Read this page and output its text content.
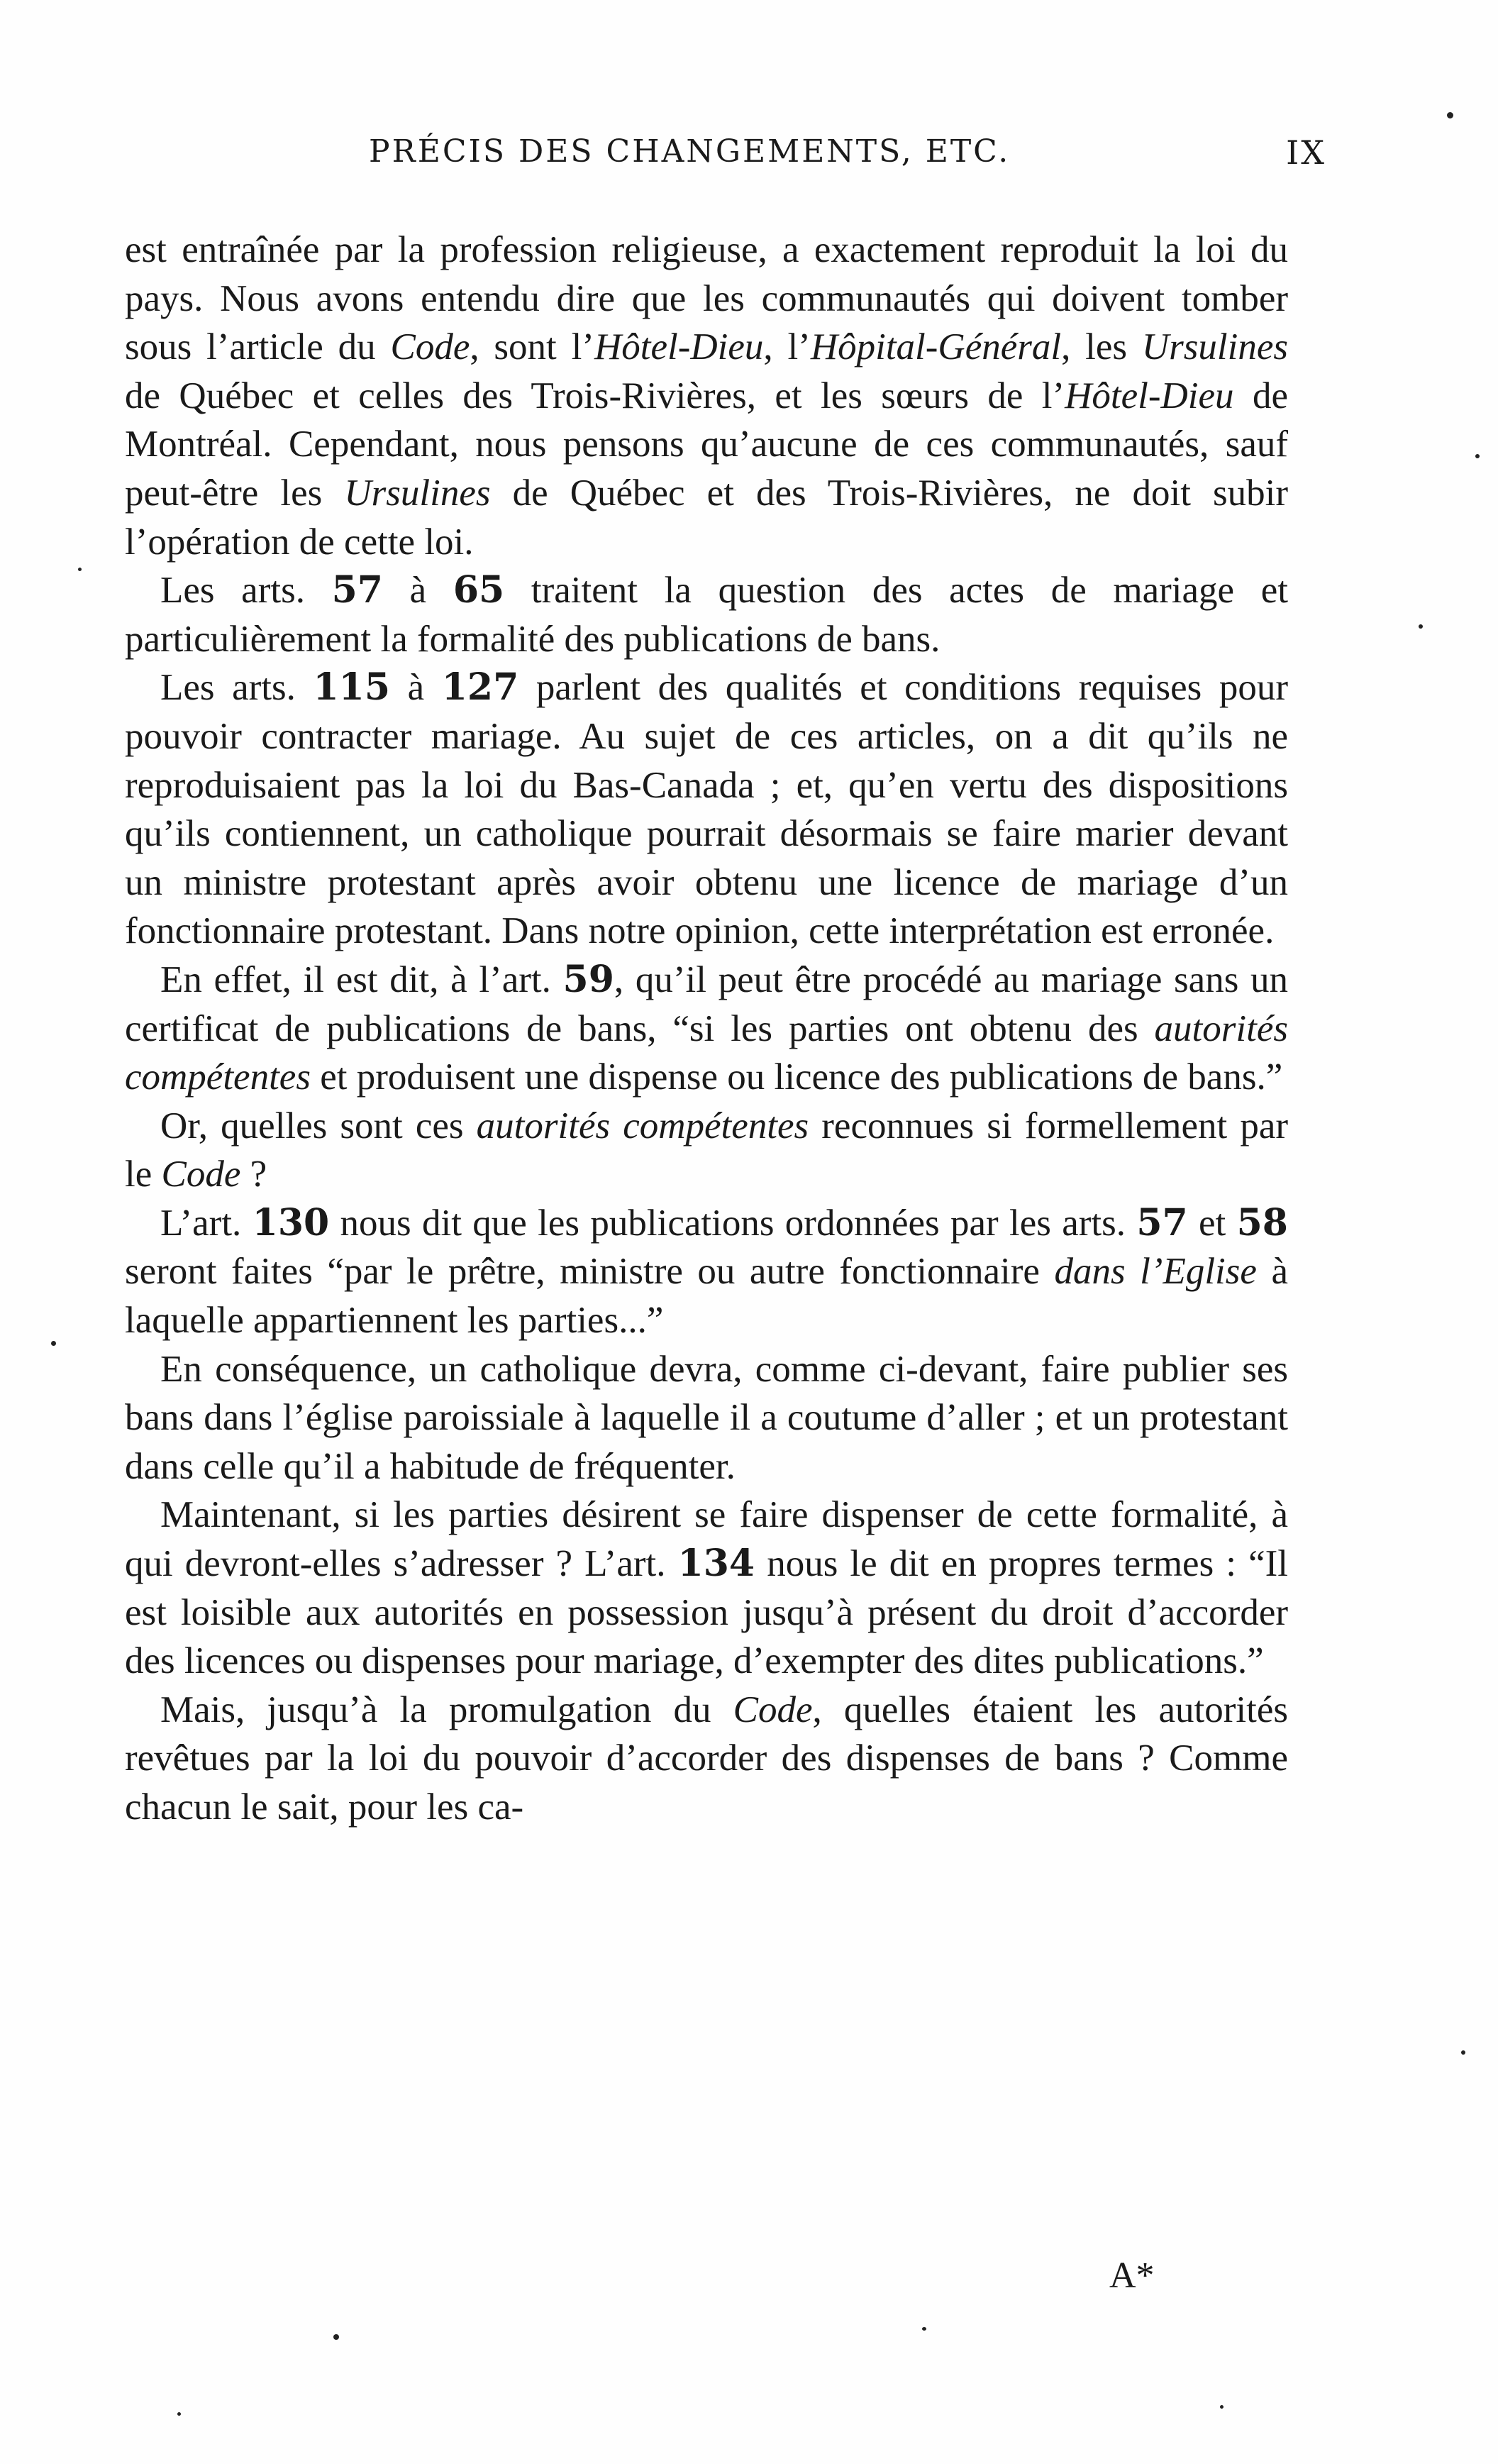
PRÉCIS DES CHANGEMENTS, ETC.	IX

est entraînée par la profession religieuse, a exactement reproduit la loi du pays. Nous avons entendu dire que les communautés qui doivent tomber sous l’article du Code, sont l’Hôtel-Dieu, l’Hôpital-Général, les Ursulines de Québec et celles des Trois-Rivières, et les sœurs de l’Hôtel-Dieu de Montréal. Cependant, nous pensons qu’aucune de ces communautés, sauf peut-être les Ursulines de Québec et des Trois-Rivières, ne doit subir l’opération de cette loi.

Les arts. 57 à 65 traitent la question des actes de mariage et particulièrement la formalité des publications de bans.

Les arts. 115 à 127 parlent des qualités et conditions requises pour pouvoir contracter mariage. Au sujet de ces articles, on a dit qu’ils ne reproduisaient pas la loi du Bas-Canada ; et, qu’en vertu des dispositions qu’ils contiennent, un catholique pourrait désormais se faire marier devant un ministre protestant après avoir obtenu une licence de mariage d’un fonctionnaire protestant. Dans notre opinion, cette interprétation est erronée.

En effet, il est dit, à l’art. 59, qu’il peut être procédé au mariage sans un certificat de publications de bans, “si les parties ont obtenu des autorités compétentes et produisent une dispense ou licence des publications de bans.”

Or, quelles sont ces autorités compétentes reconnues si formellement par le Code ?

L’art. 130 nous dit que les publications ordonnées par les arts. 57 et 58 seront faites “par le prêtre, ministre ou autre fonctionnaire dans l’Eglise à laquelle appartiennent les parties...”

En conséquence, un catholique devra, comme ci-devant, faire publier ses bans dans l’église paroissiale à laquelle il a coutume d’aller ; et un protestant dans celle qu’il a habitude de fréquenter.

Maintenant, si les parties désirent se faire dispenser de cette formalité, à qui devront-elles s’adresser ? L’art. 134 nous le dit en propres termes : “Il est loisible aux autorités en possession jusqu’à présent du droit d’accorder des licences ou dispenses pour mariage, d’exempter des dites publications.”

Mais, jusqu’à la promulgation du Code, quelles étaient les autorités revêtues par la loi du pouvoir d’accorder des dispenses de bans ? Comme chacun le sait, pour les ca-

A*
